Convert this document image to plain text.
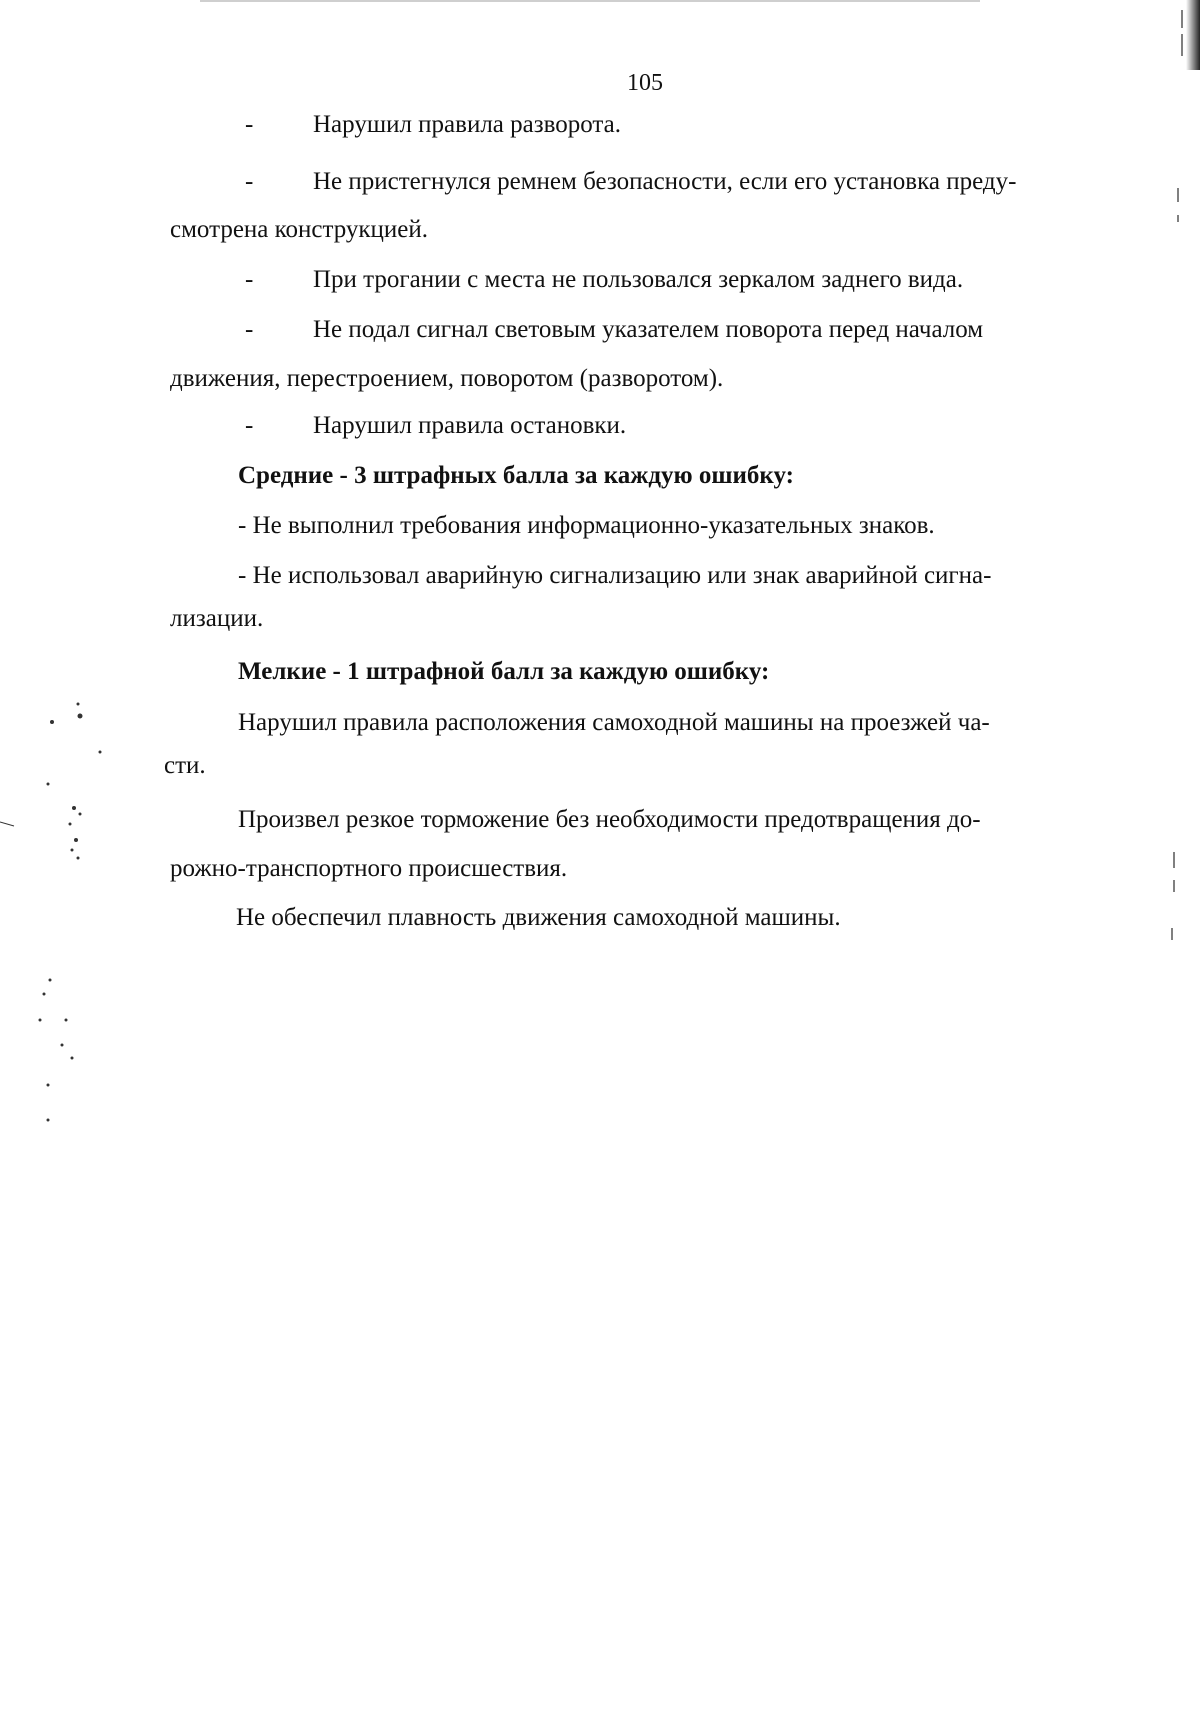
105
- Нарушил правила разворота.
- Не пристегнулся ремнем безопасности, если его установка преду-
смотрена конструкцией.
- При трогании с места не пользовался зеркалом заднего вида.
- Не подал сигнал световым указателем поворота перед началом
движения, перестроением, поворотом (разворотом).
- Нарушил правила остановки.
Средние - 3 штрафных балла за каждую ошибку:
- Не выполнил требования информационно-указательных знаков.
- Не использовал аварийную сигнализацию или знак аварийной сигна-
лизации.
Мелкие - 1 штрафной балл за каждую ошибку:
Нарушил правила расположения самоходной машины на проезжей ча-
сти.
Произвел резкое торможение без необходимости предотвращения до-
рожно-транспортного происшествия.
Не обеспечил плавность движения самоходной машины.
